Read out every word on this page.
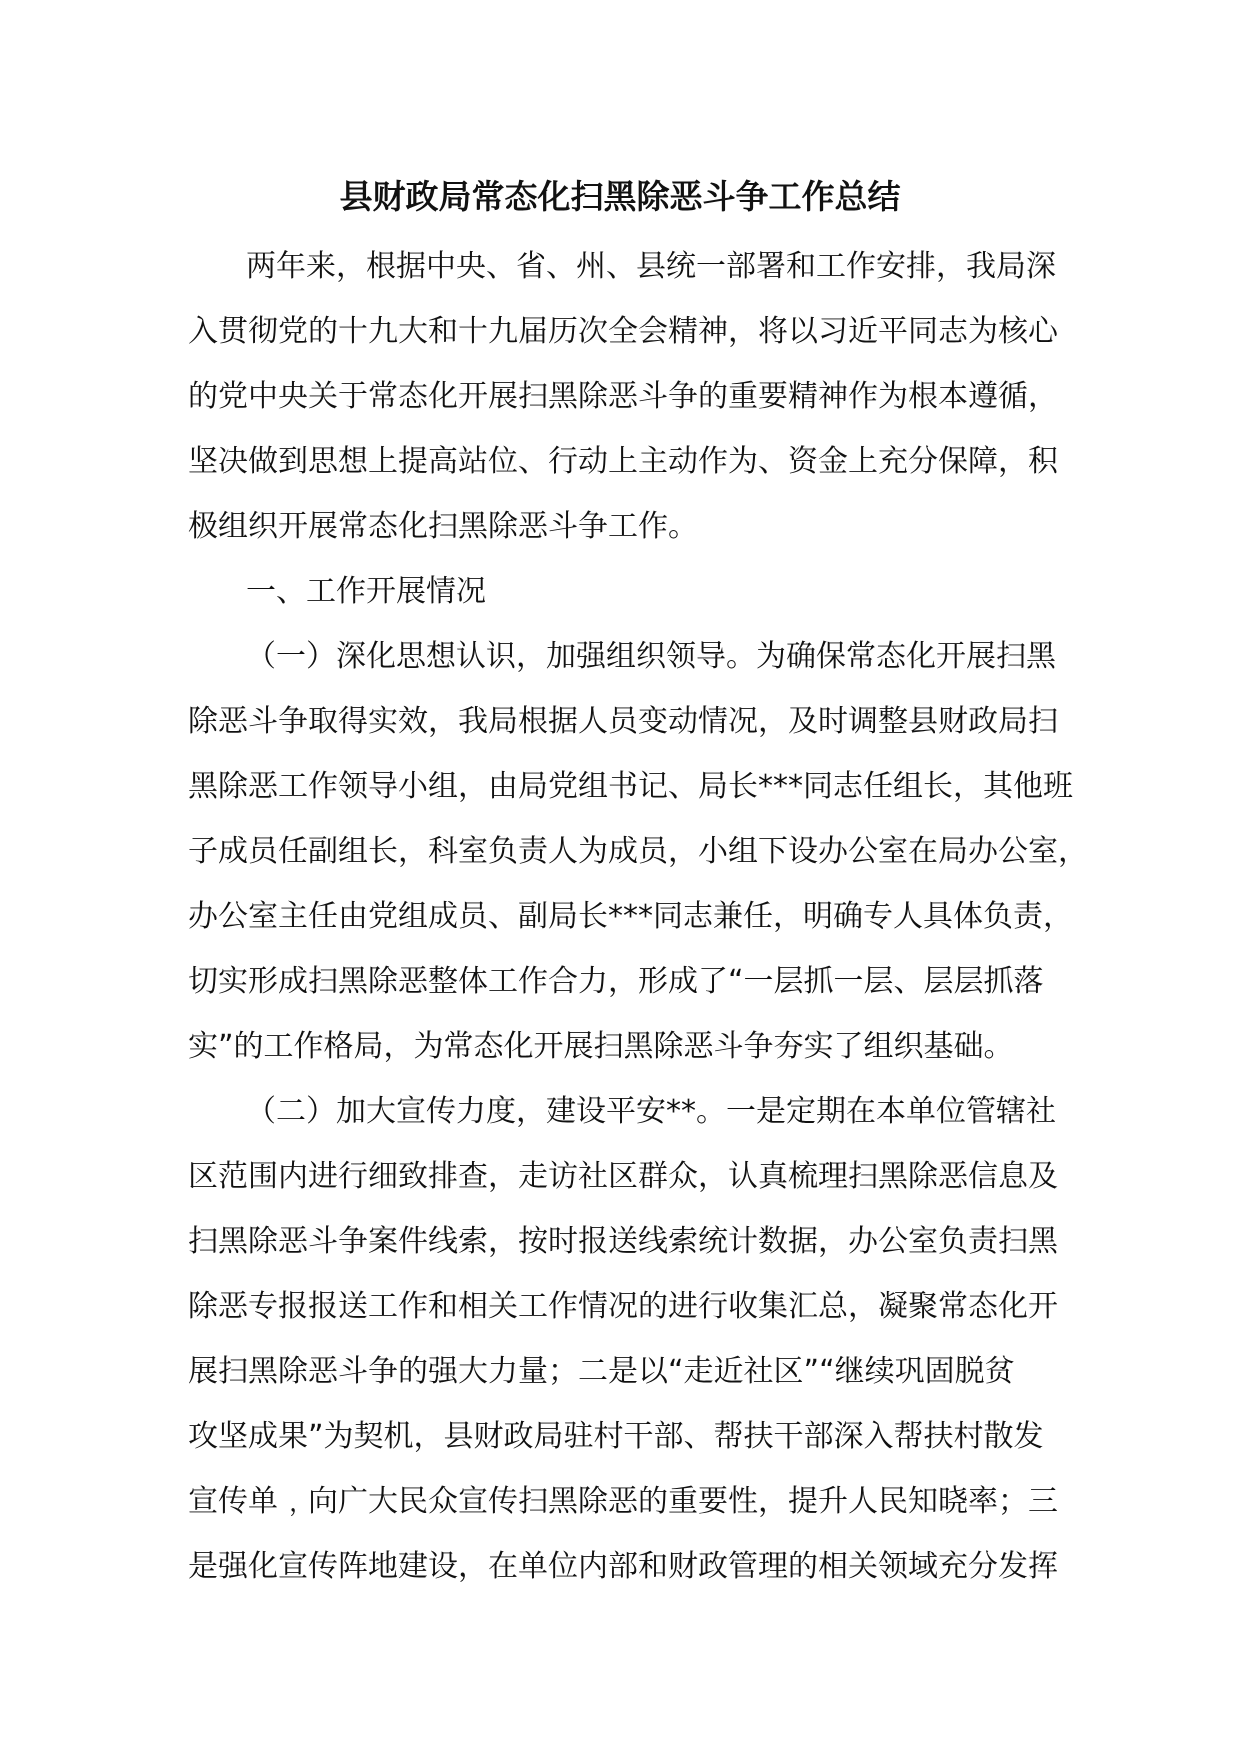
县财政局常态化扫黑除恶斗争工作总结
两年来，根据中央、省、州、县统一部署和工作安排，我局深
入贯彻党的十九大和十九届历次全会精神，将以习近平同志为核心
的党中央关于常态化开展扫黑除恶斗争的重要精神作为根本遵循，
坚决做到思想上提高站位、行动上主动作为、资金上充分保障，积
极组织开展常态化扫黑除恶斗争工作。
一、工作开展情况
（一）深化思想认识，加强组织领导。为确保常态化开展扫黑
除恶斗争取得实效，我局根据人员变动情况，及时调整县财政局扫
黑除恶工作领导小组，由局党组书记、局长***同志任组长，其他班
子成员任副组长，科室负责人为成员，小组下设办公室在局办公室，
办公室主任由党组成员、副局长***同志兼任，明确专人具体负责，
切实形成扫黑除恶整体工作合力，形成了“一层抓一层、层层抓落
实”的工作格局，为常态化开展扫黑除恶斗争夯实了组织基础。
（二）加大宣传力度，建设平安**。一是定期在本单位管辖社
区范围内进行细致排查，走访社区群众，认真梳理扫黑除恶信息及
扫黑除恶斗争案件线索，按时报送线索统计数据，办公室负责扫黑
除恶专报报送工作和相关工作情况的进行收集汇总，凝聚常态化开
展扫黑除恶斗争的强大力量；二是以“走近社区”“继续巩固脱贫
攻坚成果”为契机，县财政局驻村干部、帮扶干部深入帮扶村散发
宣传单﹐向广大民众宣传扫黑除恶的重要性，提升人民知晓率；三
是强化宣传阵地建设，在单位内部和财政管理的相关领域充分发挥
